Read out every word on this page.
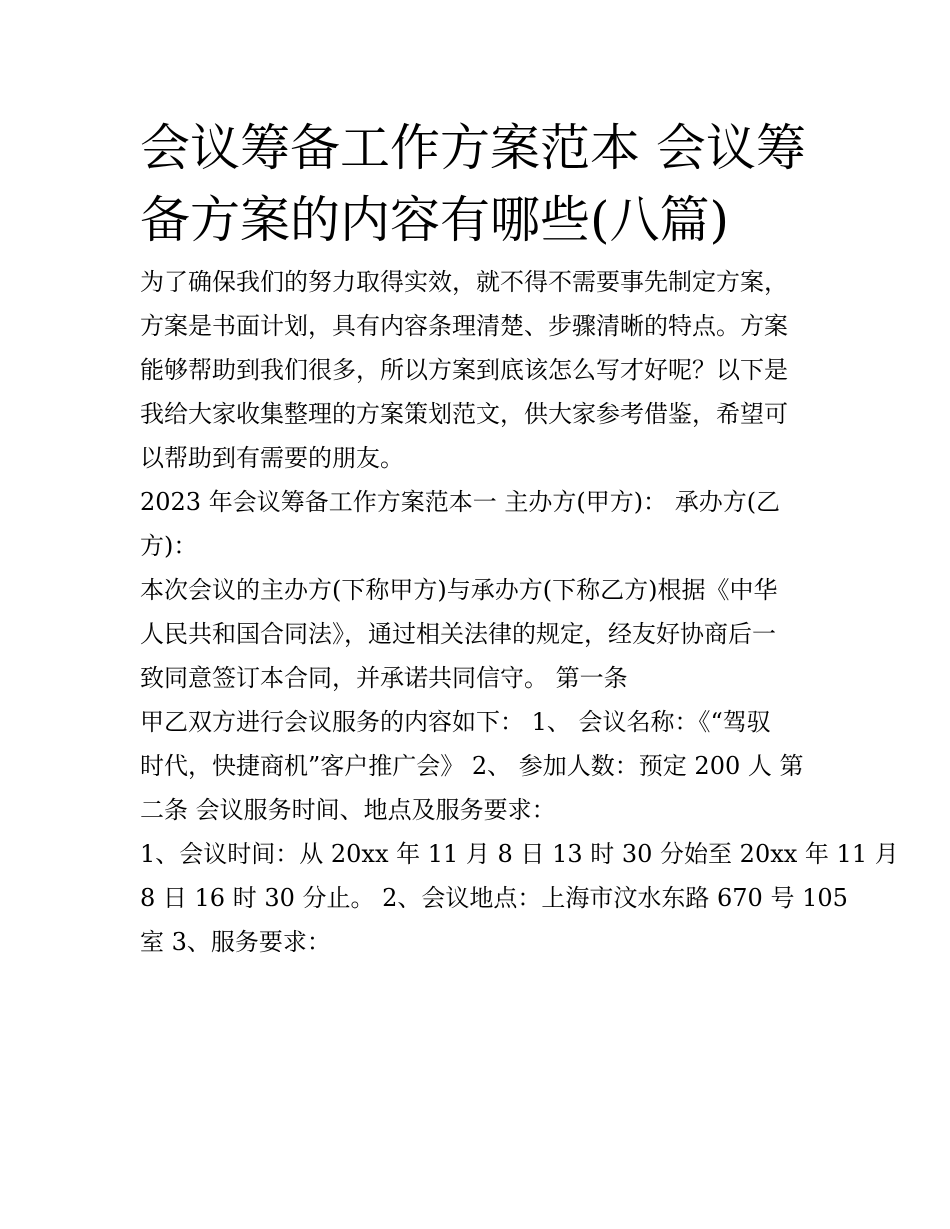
会议筹备工作方案范本 会议筹
备方案的内容有哪些(八篇)

为了确保我们的努力取得实效，就不得不需要事先制定方案，
方案是书面计划，具有内容条理清楚、步骤清晰的特点。方案
能够帮助到我们很多，所以方案到底该怎么写才好呢？以下是
我给大家收集整理的方案策划范文，供大家参考借鉴，希望可
以帮助到有需要的朋友。

2023 年会议筹备工作方案范本一 主办方(甲方)： 承办方(乙
方)：

本次会议的主办方(下称甲方)与承办方(下称乙方)根据《中华
人民共和国合同法》，通过相关法律的规定，经友好协商后一
致同意签订本合同，并承诺共同信守。 第一条

甲乙双方进行会议服务的内容如下： 1、 会议名称：《“驾驭
时代，快捷商机”客户推广会》 2、 参加人数：预定 200 人 第
二条 会议服务时间、地点及服务要求：

1、会议时间：从 20xx 年 11 月 8 日 13 时 30 分始至 20xx 年 11 月
8 日 16 时 30 分止。 2、会议地点：上海市汶水东路 670 号 105
室 3、服务要求：
